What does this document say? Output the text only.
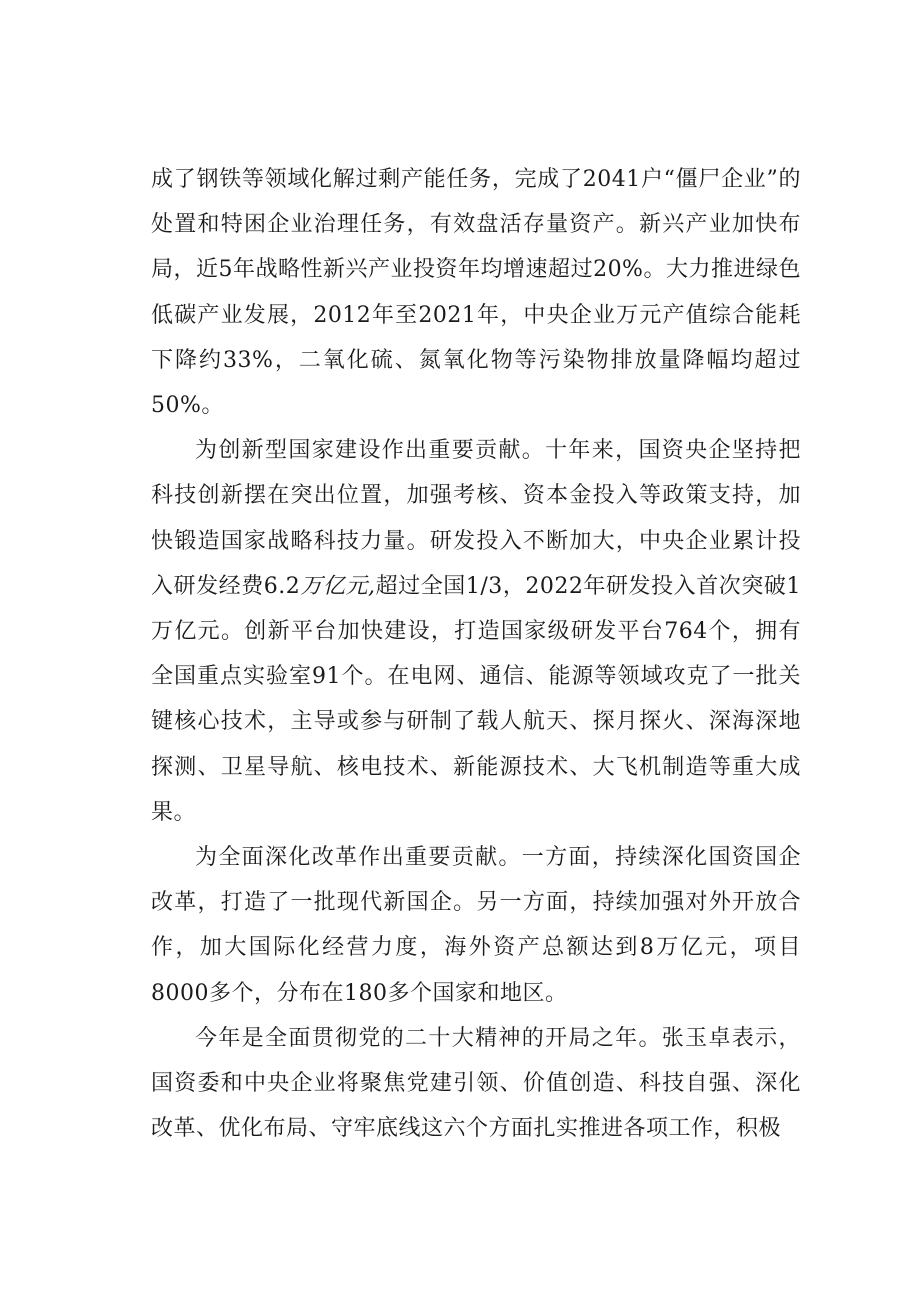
成了钢铁等领域化解过剩产能任务，完成了2041户“僵尸企业”的处置和特困企业治理任务，有效盘活存量资产。新兴产业加快布局，近5年战略性新兴产业投资年均增速超过20%。大力推进绿色低碳产业发展，2012年至2021年，中央企业万元产值综合能耗下降约33%，二氧化硫、氮氧化物等污染物排放量降幅均超过50%。

为创新型国家建设作出重要贡献。十年来，国资央企坚持把科技创新摆在突出位置，加强考核、资本金投入等政策支持，加快锻造国家战略科技力量。研发投入不断加大，中央企业累计投入研发经费6.2万亿元,超过全国1/3，2022年研发投入首次突破1万亿元。创新平台加快建设，打造国家级研发平台764个，拥有全国重点实验室91个。在电网、通信、能源等领域攻克了一批关键核心技术，主导或参与研制了载人航天、探月探火、深海深地探测、卫星导航、核电技术、新能源技术、大飞机制造等重大成果。

为全面深化改革作出重要贡献。一方面，持续深化国资国企改革，打造了一批现代新国企。另一方面，持续加强对外开放合作，加大国际化经营力度，海外资产总额达到8万亿元，项目8000多个，分布在180多个国家和地区。

今年是全面贯彻党的二十大精神的开局之年。张玉卓表示，国资委和中央企业将聚焦党建引领、价值创造、科技自强、深化改革、优化布局、守牢底线这六个方面扎实推进各项工作，积极
